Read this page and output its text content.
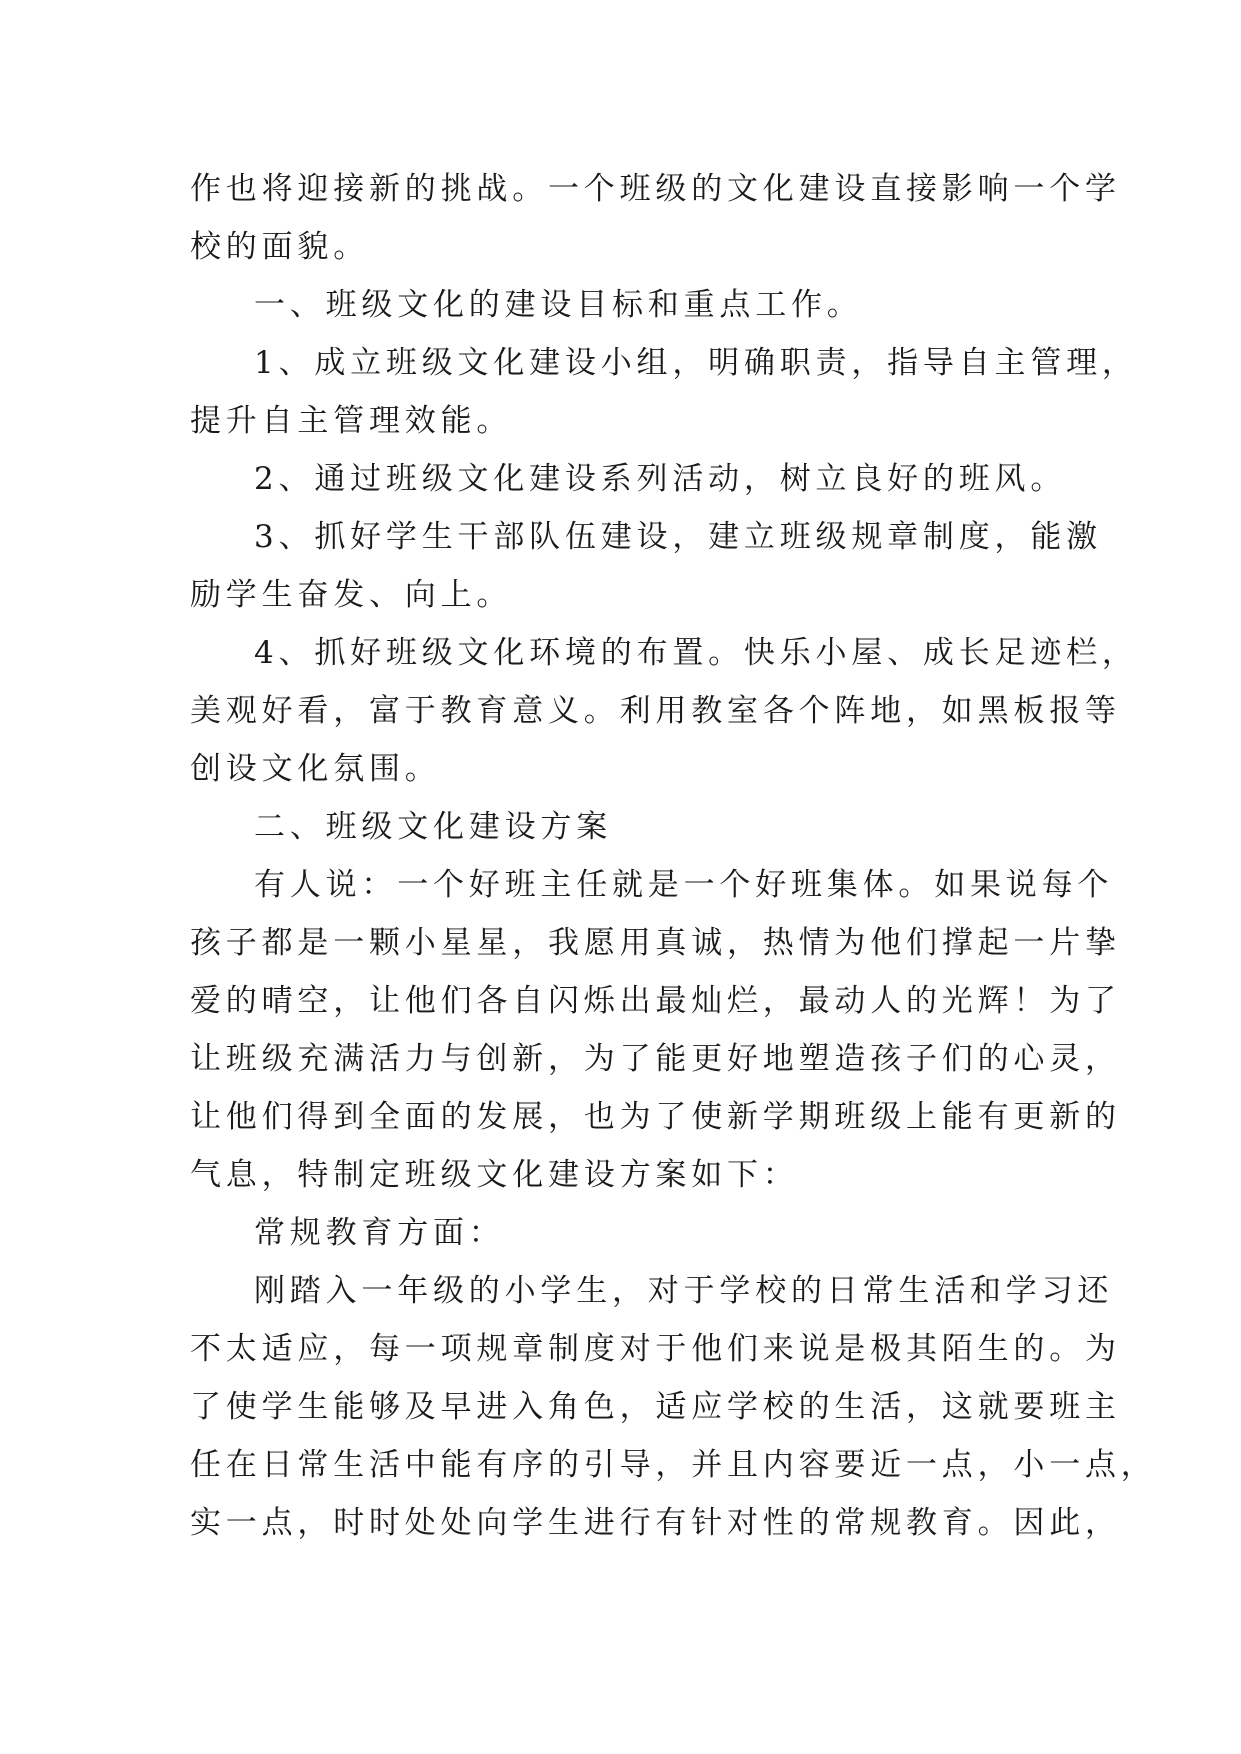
作也将迎接新的挑战。一个班级的文化建设直接影响一个学
校的面貌。
一、班级文化的建设目标和重点工作。
1、成立班级文化建设小组，明确职责，指导自主管理，
提升自主管理效能。
2、通过班级文化建设系列活动，树立良好的班风。
3、抓好学生干部队伍建设，建立班级规章制度，能激
励学生奋发、向上。
4、抓好班级文化环境的布置。快乐小屋、成长足迹栏，
美观好看，富于教育意义。利用教室各个阵地，如黑板报等
创设文化氛围。
二、班级文化建设方案
有人说：一个好班主任就是一个好班集体。如果说每个
孩子都是一颗小星星，我愿用真诚，热情为他们撑起一片挚
爱的晴空，让他们各自闪烁出最灿烂，最动人的光辉！为了
让班级充满活力与创新，为了能更好地塑造孩子们的心灵，
让他们得到全面的发展，也为了使新学期班级上能有更新的
气息，特制定班级文化建设方案如下：
常规教育方面：
刚踏入一年级的小学生，对于学校的日常生活和学习还
不太适应，每一项规章制度对于他们来说是极其陌生的。为
了使学生能够及早进入角色，适应学校的生活，这就要班主
任在日常生活中能有序的引导，并且内容要近一点，小一点，
实一点，时时处处向学生进行有针对性的常规教育。因此，
